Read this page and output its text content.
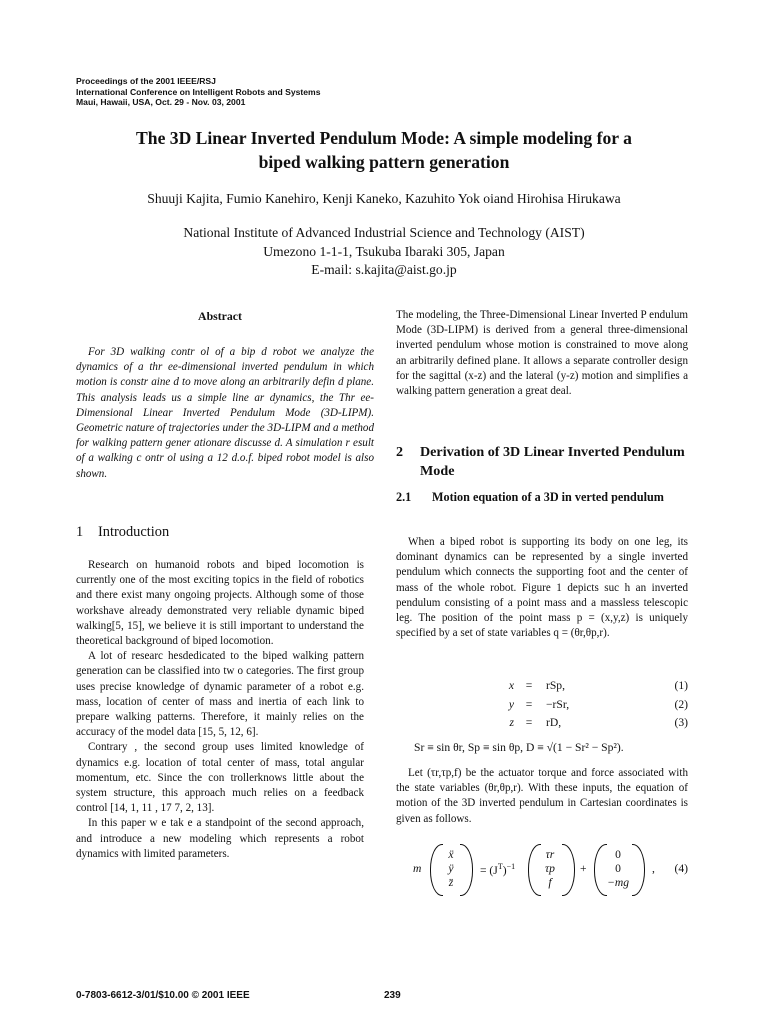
Proceedings of the 2001 IEEE/RSJ
International Conference on Intelligent Robots and Systems
Maui, Hawaii, USA, Oct. 29 - Nov. 03, 2001
The 3D Linear Inverted Pendulum Mode: A simple modeling for a
biped walking pattern generation
Shuuji Kajita, Fumio Kanehiro, Kenji Kaneko, Kazuhito Yok oiand Hirohisa Hirukawa
National Institute of Advanced Industrial Science and Technology (AIST)
Umezono 1-1-1, Tsukuba Ibaraki 305, Japan
E-mail: s.kajita@aist.go.jp
Abstract

For 3D walking contr ol of a bip d robot we analyze the dynamics of a thr ee-dimensional inverted pendulum in which motion is constr aine d to move along an arbitrarily defin d plane. This analysis leads us a simple line ar dynamics, the Thr ee-Dimensional Linear Inverted Pendulum Mode (3D-LIPM). Geometric nature of trajectories under the 3D-LIPM and a method for walking pattern gener ationare discusse d. A simulation r esult of a walking c ontr ol using a 12 d.o.f. biped robot model is also shown.

1 Introduction

Research on humanoid robots and biped locomotion is currently one of the most exciting topics in the field of robotics and there exist many ongoing projects. Although some of those workshave already demonstrated very reliable dynamic biped walking[5, 15], we believe it is still important to understand the theoretical background of biped locomotion.

A lot of researc hesdedicated to the biped walking pattern generation can be classified into tw o categories. The first group uses precise knowledge of dynamic parameter of a robot e.g. mass, location of center of mass and inertia of each link to prepare walking patterns. Therefore, it mainly relies on the accuracy of the model data [15, 5, 12, 6].

Contrary , the second group uses limited knowledge of dynamics e.g. location of total center of mass, total angular momentum, etc. Since the con trollerknows little about the system structure, this approach much relies on a feedback control [14, 1, 11 , 17 7, 2, 13].

In this paper w e tak e a standpoint of the second approach, and introduce a new modeling which represents a robot dynamics with limited parameters.

The modeling, the Three-Dimensional Linear Inverted P endulum Mode (3D-LIPM) is derived from a general three-dimensional inverted pendulum whose motion is constrained to move along an arbitrarily defined plane. It allows a separate controller design for the sagittal (x-z) and the lateral (y-z) motion and simplifies a walking pattern generation a great deal.

2 Derivation of 3D Linear Inverted Pendulum Mode
2.1 Motion equation of a 3D in verted pendulum

When a biped robot is supporting its body on one leg, its dominant dynamics can be represented by a single inverted pendulum which connects the supporting foot and the center of mass of the whole robot. Figure 1 depicts suc h an inverted pendulum consisting of a point mass and a massless telescopic leg. The position of the point mass p = (x,y,z) is uniquely specified by a set of state variables q = (θr,θp,r).

x	=	rSp,	(1)
y	=	−rSr,	(2)
z	=	rD,	(3)
Sr ≡ sin θr, Sp ≡ sin θp, D ≡ √(1 − Sr² − Sp²).

Let (τr,τp,f) be the actuator torque and force associated with the state variables (θr,θp,r). With these inputs, the equation of motion of the 3D inverted pendulum in Cartesian coordinates is given as follows.

m
ẍ
ÿ
z̈
= $(J^T)^{-1}$
τr
τp
f
+
0
0
−mg
, (4)
0-7803-6612-3/01/$10.00 © 2001 IEEE	239
